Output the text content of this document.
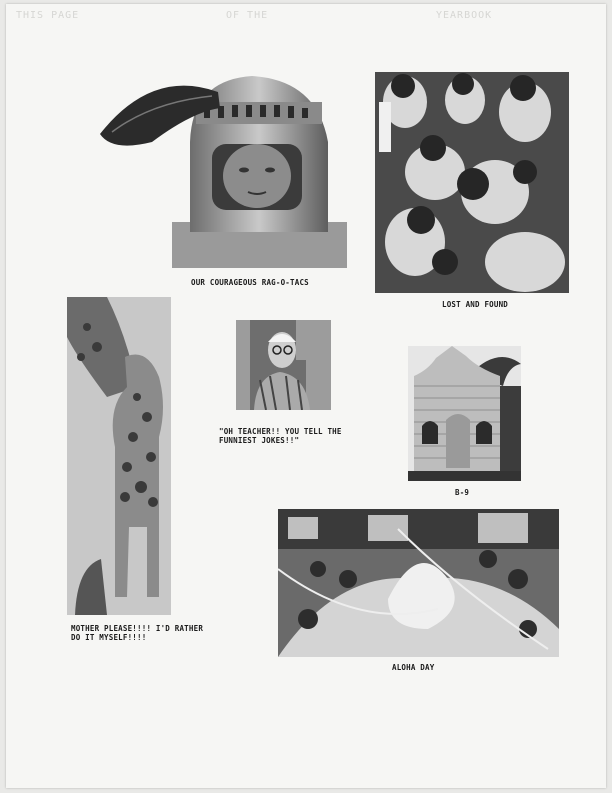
THIS PAGE	OF THE	YEARBOOK
OUR COURAGEOUS RAG-O-TACS
LOST AND FOUND
MOTHER PLEASE!!!! I'D RATHER
DO IT MYSELF!!!!
"OH TEACHER!! YOU TELL THE
FUNNIEST JOKES!!"
B-9
ALOHA DAY
